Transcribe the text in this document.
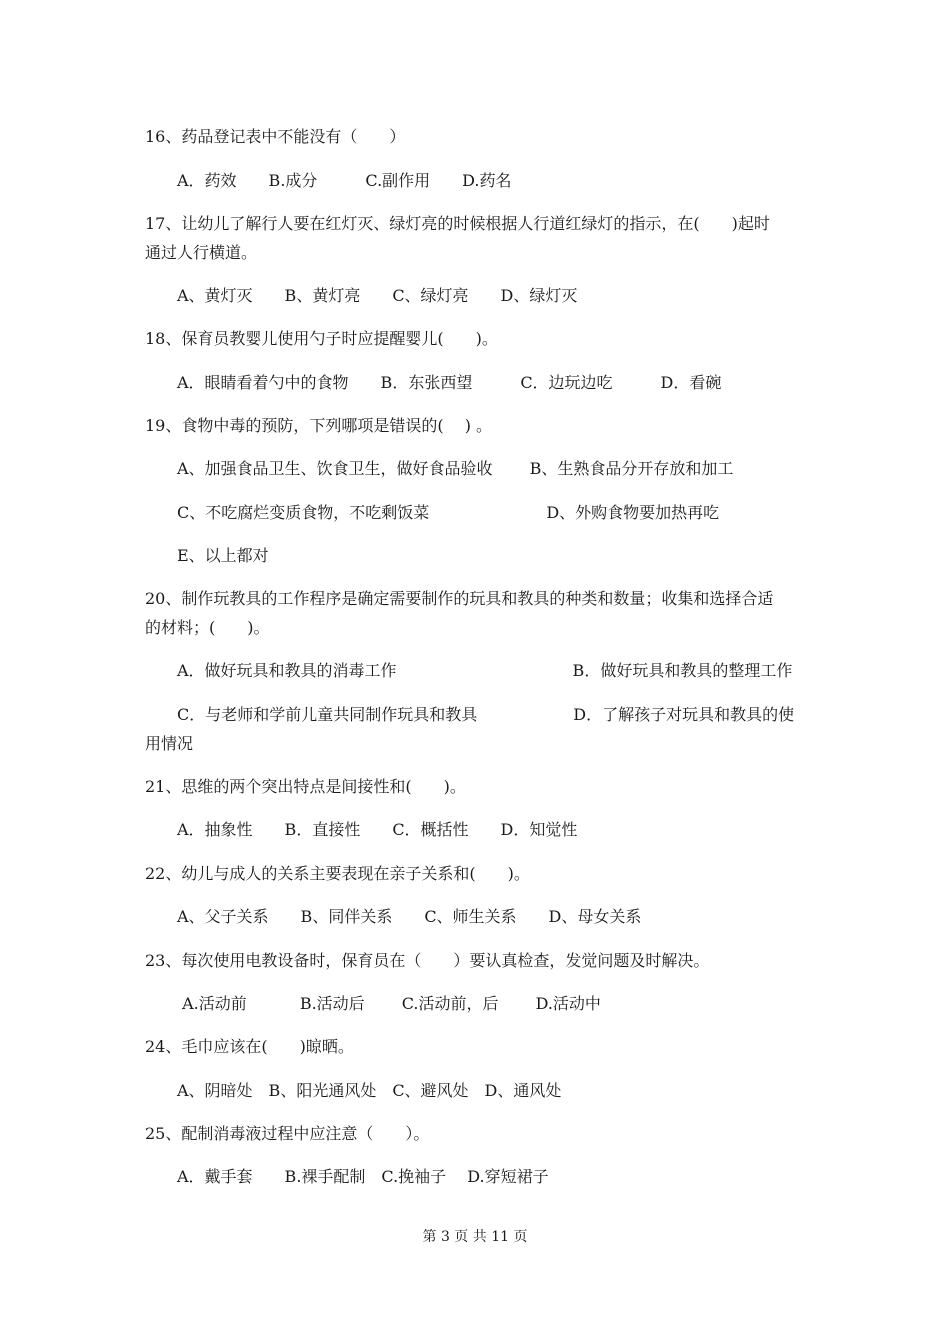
16、药品登记表中不能没有（　　）
A．药效　　B.成分　　　C.副作用　　D.药名
17、让幼儿了解行人要在红灯灭、绿灯亮的时候根据人行道红绿灯的指示，在(　　)起时
通过人行横道。
A、黄灯灭　　B、黄灯亮　　C、绿灯亮　　D、绿灯灭
18、保育员教婴儿使用勺子时应提醒婴儿(　　)。
A．眼睛看着勺中的食物　　B．东张西望　　　C．边玩边吃　　　D．看碗
19、食物中毒的预防，下列哪项是错误的(　 ) 。
A、加强食品卫生、饮食卫生，做好食品验收　　 B、生熟食品分开存放和加工
C、不吃腐烂变质食物，不吃剩饭菜　　　　　　　 D、外购食物要加热再吃
E、以上都对
20、制作玩教具的工作程序是确定需要制作的玩具和教具的种类和数量；收集和选择合适
的材料；(　　)。
A．做好玩具和教具的消毒工作　　　　　　　　　　　B．做好玩具和教具的整理工作
C．与老师和学前儿童共同制作玩具和教具　　　　　　D．了解孩子对玩具和教具的使
用情况
21、思维的两个突出特点是间接性和(　　)。
A．抽象性　　B．直接性　　C．概括性　　D．知觉性
22、幼儿与成人的关系主要表现在亲子关系和(　　)。
A、父子关系　　B、同伴关系　　C、师生关系　　D、母女关系
23、每次使用电教设备时，保育员在（　　）要认真检查，发觉问题及时解决。
A.活动前　　　 B.活动后　　 C.活动前，后　　 D.活动中
24、毛巾应该在(　　)晾晒。
A、阴暗处　B、阳光通风处　C、避风处　D、通风处
25、配制消毒液过程中应注意（　　）。
A．戴手套　　B.裸手配制　C.挽袖子　 D.穿短裙子
第 3 页 共 11 页
